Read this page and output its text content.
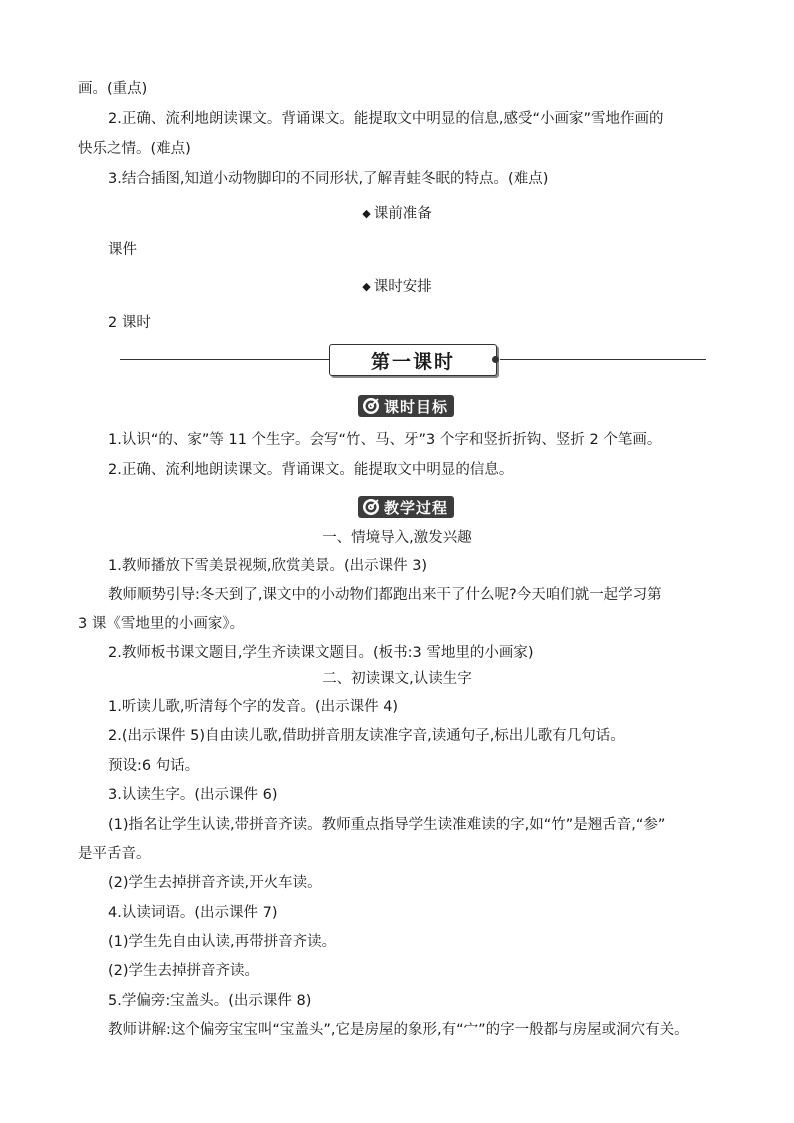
画。(重点)
2.正确、流利地朗读课文。背诵课文。能提取文中明显的信息,感受“小画家”雪地作画的
快乐之情。(难点)
3.结合插图,知道小动物脚印的不同形状,了解青蛙冬眠的特点。(难点)
◆ 课前准备
课件
◆ 课时安排
2 课时
第一课时
课时目标
1.认识“的、家”等 11 个生字。会写“竹、马、牙”3 个字和竖折折钩、竖折 2 个笔画。
2.正确、流利地朗读课文。背诵课文。能提取文中明显的信息。
教学过程
一、情境导入,激发兴趣
1.教师播放下雪美景视频,欣赏美景。(出示课件 3)
教师顺势引导:冬天到了,课文中的小动物们都跑出来干了什么呢?今天咱们就一起学习第
3 课《雪地里的小画家》。
2.教师板书课文题目,学生齐读课文题目。(板书:3 雪地里的小画家)
二、初读课文,认读生字
1.听读儿歌,听清每个字的发音。(出示课件 4)
2.(出示课件 5)自由读儿歌,借助拼音朋友读准字音,读通句子,标出儿歌有几句话。
预设:6 句话。
3.认读生字。(出示课件 6)
(1)指名让学生认读,带拼音齐读。教师重点指导学生读准难读的字,如“竹”是翘舌音,“参”
是平舌音。
(2)学生去掉拼音齐读,开火车读。
4.认读词语。(出示课件 7)
(1)学生先自由认读,再带拼音齐读。
(2)学生去掉拼音齐读。
5.学偏旁:宝盖头。(出示课件 8)
教师讲解:这个偏旁宝宝叫“宝盖头”,它是房屋的象形,有“宀”的字一般都与房屋或洞穴有关。
